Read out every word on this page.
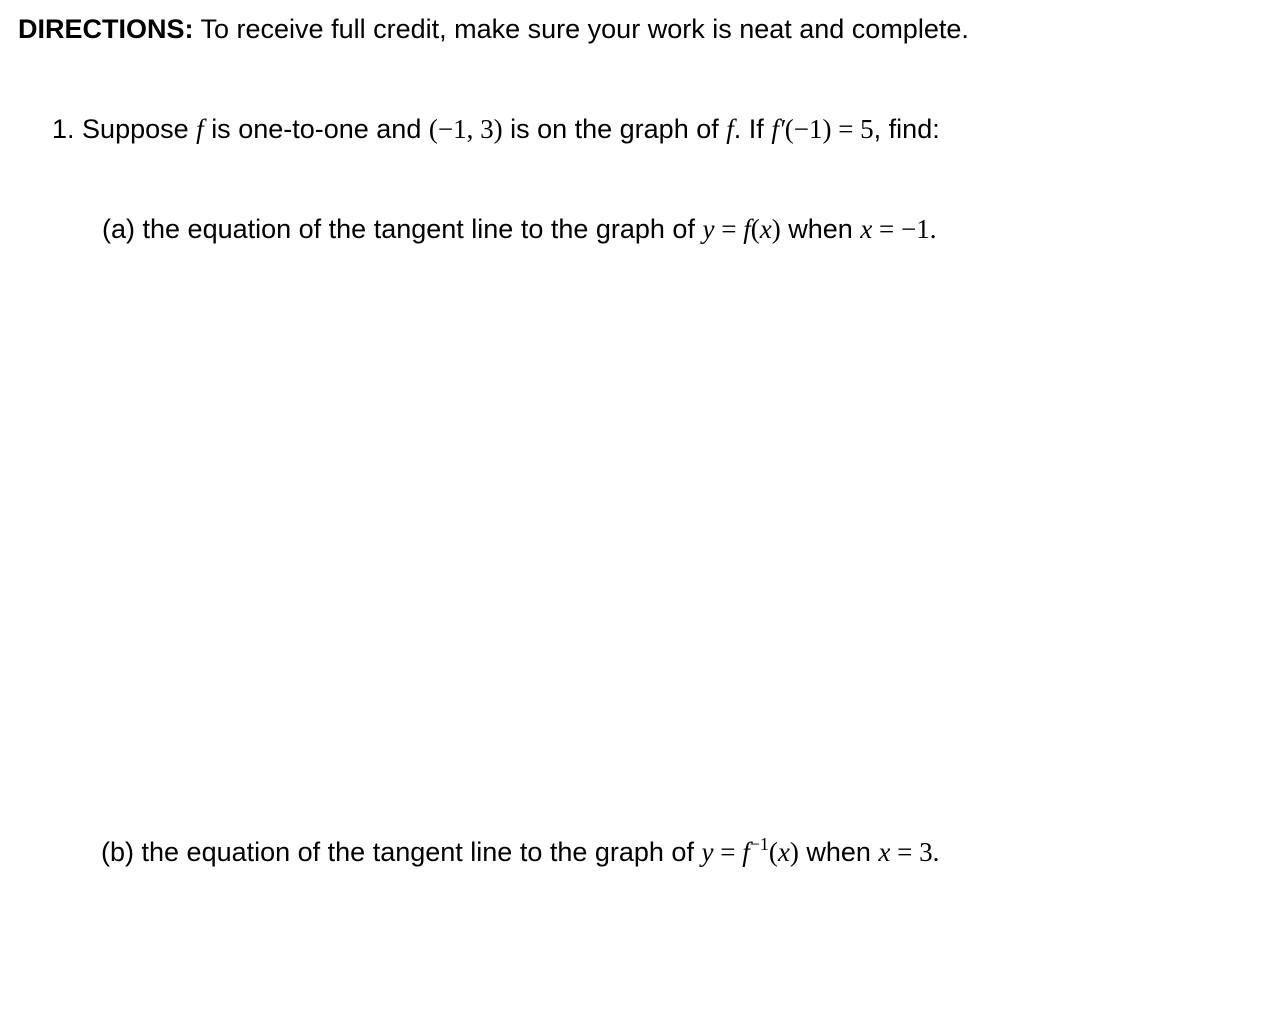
DIRECTIONS: To receive full credit, make sure your work is neat and complete.
1. Suppose f is one-to-one and (−1, 3) is on the graph of f. If f′(−1) = 5, find:
(a) the equation of the tangent line to the graph of y = f(x) when x = −1.
(b) the equation of the tangent line to the graph of $y = f^{-1}(x)$ when x = 3.
